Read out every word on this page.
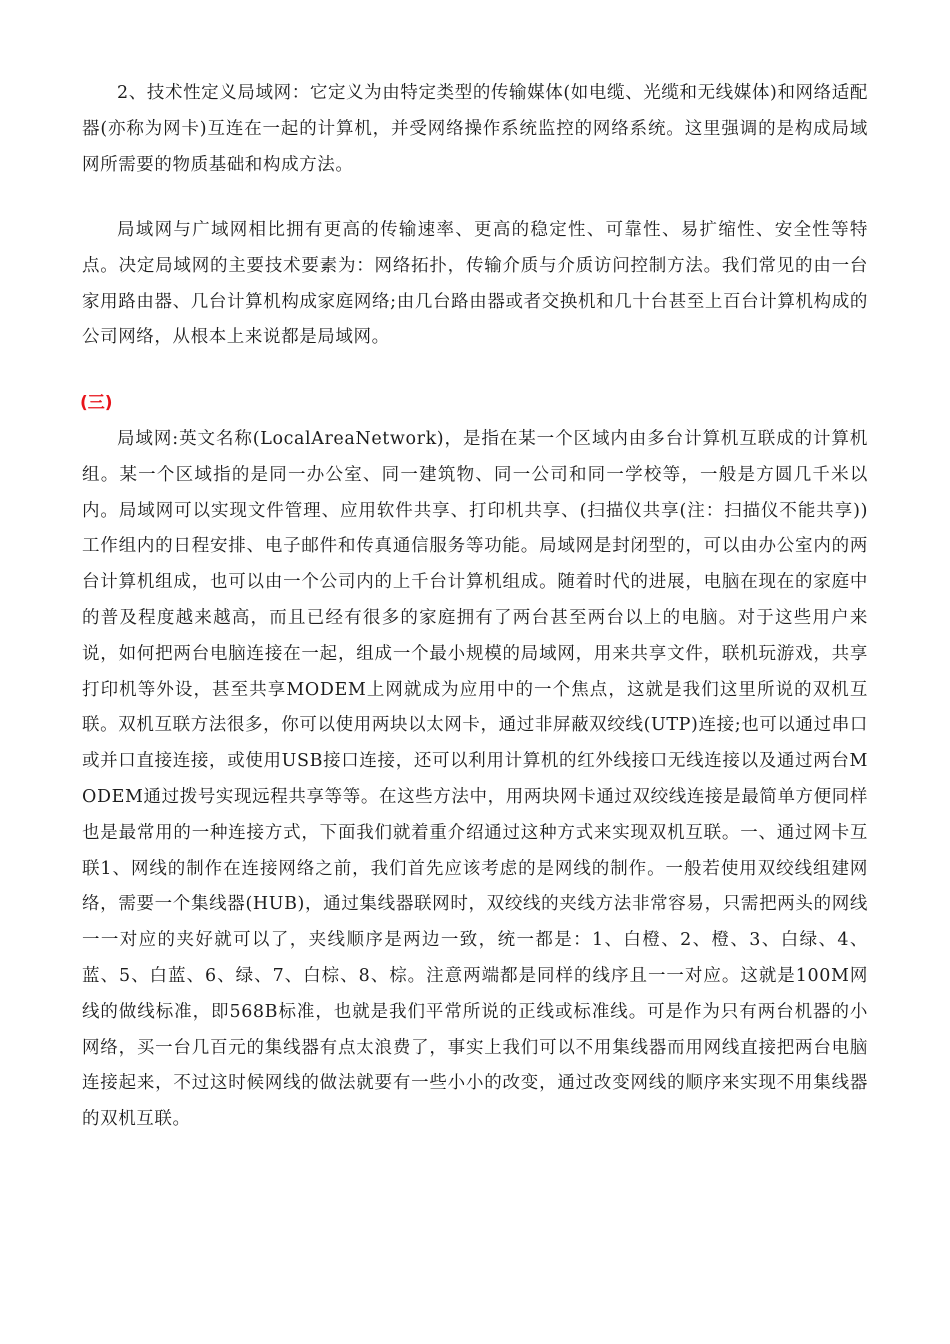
2、技术性定义局域网：它定义为由特定类型的传输媒体(如电缆、光缆和无线媒体)和网络适配器(亦称为网卡)互连在一起的计算机，并受网络操作系统监控的网络系统。这里强调的是构成局域网所需要的物质基础和构成方法。

局域网与广域网相比拥有更高的传输速率、更高的稳定性、可靠性、易扩缩性、安全性等特点。决定局域网的主要技术要素为：网络拓扑，传输介质与介质访问控制方法。我们常见的由一台家用路由器、几台计算机构成家庭网络;由几台路由器或者交换机和几十台甚至上百台计算机构成的公司网络，从根本上来说都是局域网。

(三)

局域网:英文名称(LocalAreaNetwork)，是指在某一个区域内由多台计算机互联成的计算机组。某一个区域指的是同一办公室、同一建筑物、同一公司和同一学校等，一般是方圆几千米以内。局域网可以实现文件管理、应用软件共享、打印机共享、(扫描仪共享(注：扫描仪不能共享))工作组内的日程安排、电子邮件和传真通信服务等功能。局域网是封闭型的，可以由办公室内的两台计算机组成，也可以由一个公司内的上千台计算机组成。随着时代的进展，电脑在现在的家庭中的普及程度越来越高，而且已经有很多的家庭拥有了两台甚至两台以上的电脑。对于这些用户来说，如何把两台电脑连接在一起，组成一个最小规模的局域网，用来共享文件，联机玩游戏，共享打印机等外设，甚至共享MODEM上网就成为应用中的一个焦点，这就是我们这里所说的双机互联。双机互联方法很多，你可以使用两块以太网卡，通过非屏蔽双绞线(UTP)连接;也可以通过串口或并口直接连接，或使用USB接口连接，还可以利用计算机的红外线接口无线连接以及通过两台MODEM通过拨号实现远程共享等等。在这些方法中，用两块网卡通过双绞线连接是最简单方便同样也是最常用的一种连接方式，下面我们就着重介绍通过这种方式来实现双机互联。一、通过网卡互联1、网线的制作在连接网络之前，我们首先应该考虑的是网线的制作。一般若使用双绞线组建网络，需要一个集线器(HUB)，通过集线器联网时，双绞线的夹线方法非常容易，只需把两头的网线一一对应的夹好就可以了，夹线顺序是两边一致，统一都是：1、白橙、2、橙、3、白绿、4、蓝、5、白蓝、6、绿、7、白棕、8、棕。注意两端都是同样的线序且一一对应。这就是100M网线的做线标准，即568B标准，也就是我们平常所说的正线或标准线。可是作为只有两台机器的小网络，买一台几百元的集线器有点太浪费了，事实上我们可以不用集线器而用网线直接把两台电脑连接起来，不过这时候网线的做法就要有一些小小的改变，通过改变网线的顺序来实现不用集线器的双机互联。
